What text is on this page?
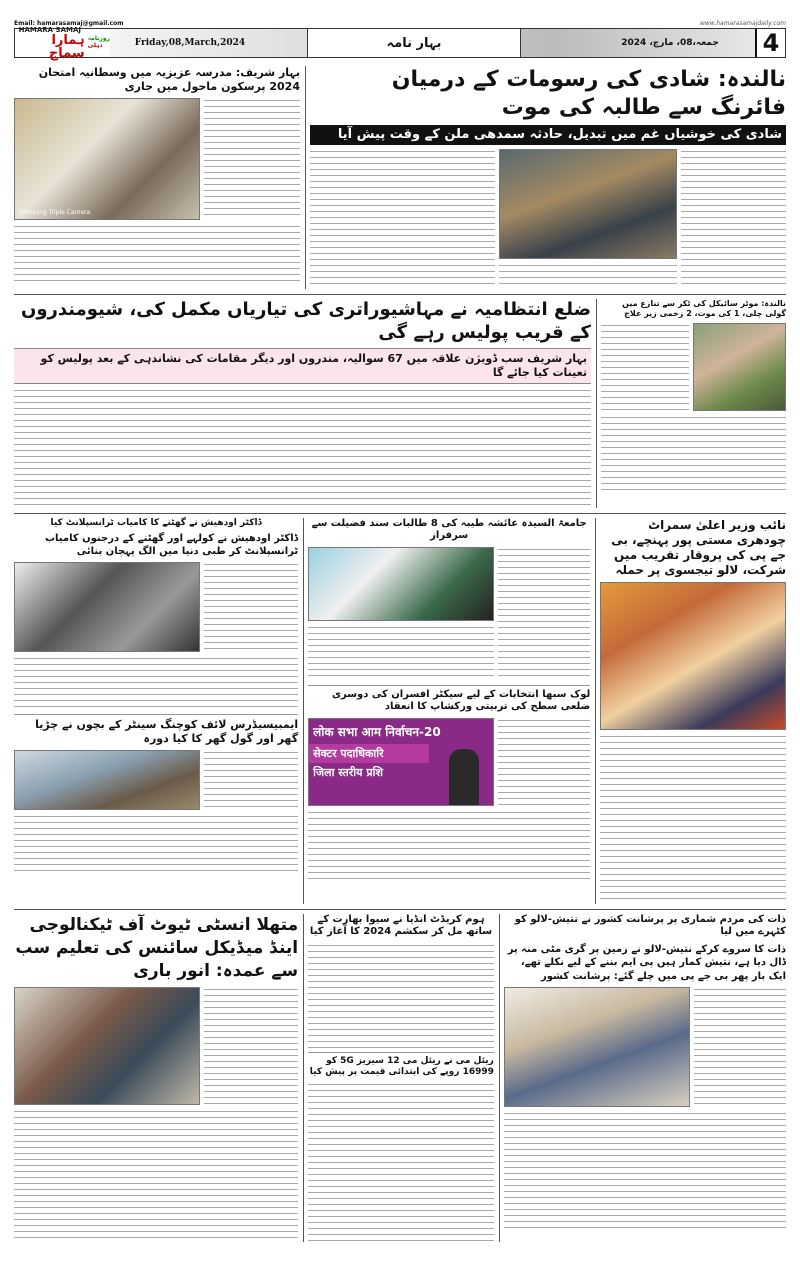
Email: hamarasamaj@gmail.com	www.hamarasamajdaily.com
HAMARA SAMAJ
ہمارا سماج
روزنامہ
دہلی	Friday,08,March,2024	بہار نامہ	جمعہ،08، مارچ، 2024	4
بہار شریف: مدرسہ عزیزیہ میں وسطانیہ امتحان 2024 پرسکون ماحول میں جاری
Samsung Triple Camera
نالندہ: شادی کی رسومات کے درمیان فائرنگ سے طالبہ کی موت
شادی کی خوشیاں غم میں تبدیل، حادثہ سمدھی ملن کے وقت پیش آیا
ضلع انتظامیہ نے مہاشیوراتری کی تیاریاں مکمل کی، شیومندروں کے قریب پولیس رہے گی
بہار شریف سب ڈویژن علاقہ میں 67 سوالیہ، مندروں اور دیگر مقامات کی نشاندہی کے بعد پولیس کو تعینات کیا جائے گا
نالندہ: موٹر سائیکل کی ٹکر سے تنازع میں گولی چلی، 1 کی موت، 2 زخمی زیر علاج
ڈاکٹر اودھیش نے گھٹنے کا کامیاب ٹرانسپلانٹ کیا
ڈاکٹر اودھیش نے کولہے اور گھٹنے کے درجنوں کامیاب ٹرانسپلانٹ کر طبی دنیا میں الگ پہچان بنائی
ایمبیسیڈرس لائف کوچنگ سینٹر کے بچوں نے چڑیا گھر اور گول گھر کا کیا دورہ
جامعۃ السیدہ عائشہ طیبہ کی 8 طالبات سند فضیلت سے سرفراز
لوک سبھا انتخابات کے لیے سیکٹر افسران کی دوسری ضلعی سطح کی تربیتی ورکشاپ کا انعقاد
लोक सभा आम निर्वाचन-20
सेक्टर पदाधिकारि
जिला स्तरीय प्रशि
نائب وزیر اعلیٰ سمراٹ چودھری مستی پور پہنچے، بی جے پی کی پروقار تقریب میں شرکت، لالو تیجسوی پر حملہ
متھلا انسٹی ٹیوٹ آف ٹیکنالوجی اینڈ میڈیکل سائنس کی تعلیم سب سے عمدہ: انور باری
ہوم کریڈٹ انڈیا نے سیوا بھارت کے ساتھ مل کر سکشم 2024 کا آغاز کیا
ریئل می نے ریئل می 12 سیریز 5G کو 16999 روپے کی ابتدائی قیمت پر پیش کیا
ذات کی مردم شماری پر پرشانت کشور نے نتیش-لالو کو کٹہرے میں لیا
ذات کا سروے کرکے نتیش-لالو نے زمین پر گری مٹی منہ پر ڈال دیا ہے، نتیش کمار ہیں پی ایم بننے کے لیے نکلے تھے، ایک بار پھر بی جے پی میں چلے گئے: پرشانت کشور
